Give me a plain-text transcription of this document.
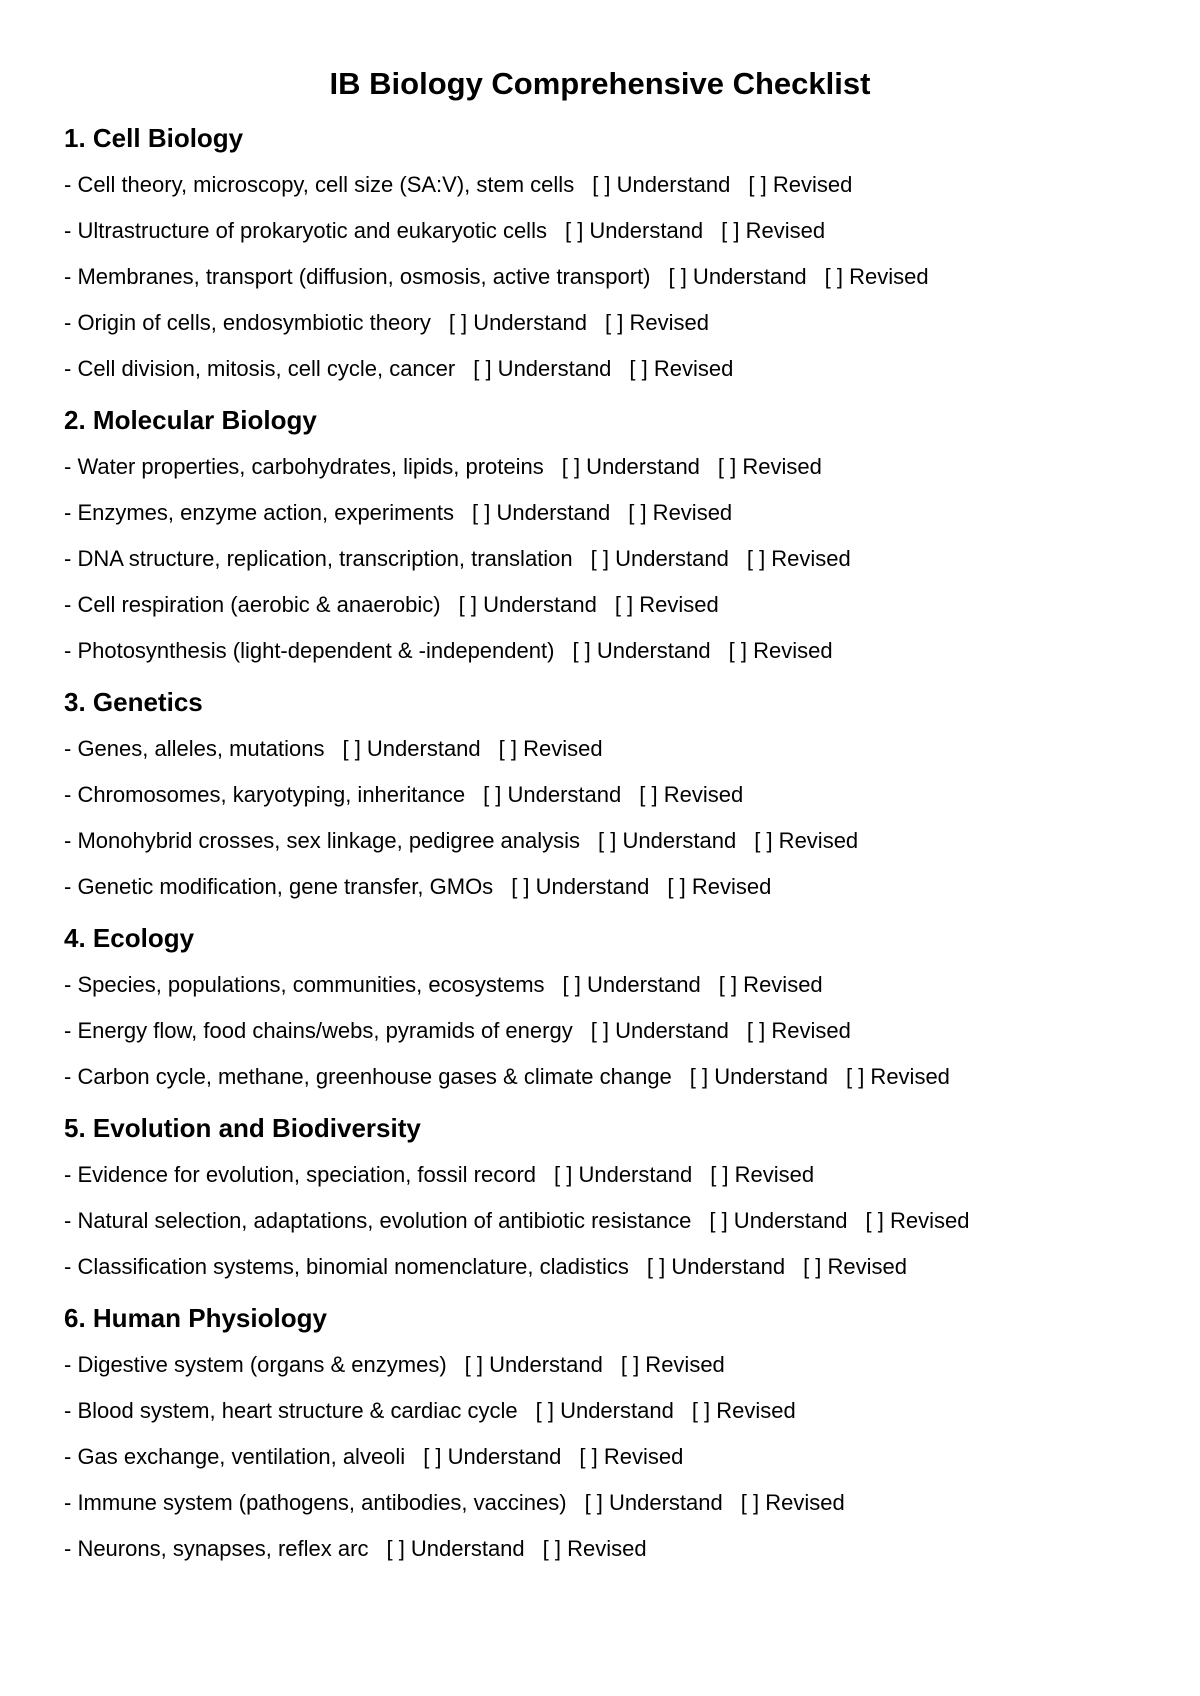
IB Biology Comprehensive Checklist
1. Cell Biology
- Cell theory, microscopy, cell size (SA:V), stem cells [ ] Understand [ ] Revised
- Ultrastructure of prokaryotic and eukaryotic cells [ ] Understand [ ] Revised
- Membranes, transport (diffusion, osmosis, active transport) [ ] Understand [ ] Revised
- Origin of cells, endosymbiotic theory [ ] Understand [ ] Revised
- Cell division, mitosis, cell cycle, cancer [ ] Understand [ ] Revised
2. Molecular Biology
- Water properties, carbohydrates, lipids, proteins [ ] Understand [ ] Revised
- Enzymes, enzyme action, experiments [ ] Understand [ ] Revised
- DNA structure, replication, transcription, translation [ ] Understand [ ] Revised
- Cell respiration (aerobic & anaerobic) [ ] Understand [ ] Revised
- Photosynthesis (light-dependent & -independent) [ ] Understand [ ] Revised
3. Genetics
- Genes, alleles, mutations [ ] Understand [ ] Revised
- Chromosomes, karyotyping, inheritance [ ] Understand [ ] Revised
- Monohybrid crosses, sex linkage, pedigree analysis [ ] Understand [ ] Revised
- Genetic modification, gene transfer, GMOs [ ] Understand [ ] Revised
4. Ecology
- Species, populations, communities, ecosystems [ ] Understand [ ] Revised
- Energy flow, food chains/webs, pyramids of energy [ ] Understand [ ] Revised
- Carbon cycle, methane, greenhouse gases & climate change [ ] Understand [ ] Revised
5. Evolution and Biodiversity
- Evidence for evolution, speciation, fossil record [ ] Understand [ ] Revised
- Natural selection, adaptations, evolution of antibiotic resistance [ ] Understand [ ] Revised
- Classification systems, binomial nomenclature, cladistics [ ] Understand [ ] Revised
6. Human Physiology
- Digestive system (organs & enzymes) [ ] Understand [ ] Revised
- Blood system, heart structure & cardiac cycle [ ] Understand [ ] Revised
- Gas exchange, ventilation, alveoli [ ] Understand [ ] Revised
- Immune system (pathogens, antibodies, vaccines) [ ] Understand [ ] Revised
- Neurons, synapses, reflex arc [ ] Understand [ ] Revised
